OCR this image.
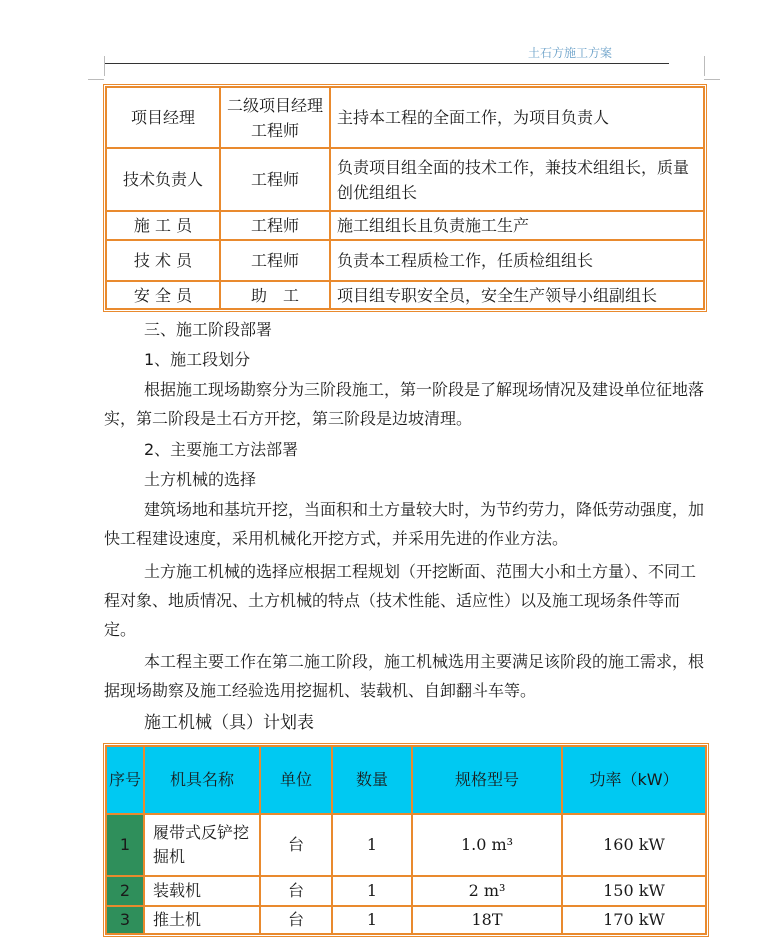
土石方施工方案
项目经理	二级项目经理工程师	主持本工程的全面工作，为项目负责人
技术负责人	工程师	负责项目组全面的技术工作，兼技术组组长，质量创优组组长
施 工 员	工程师	施工组组长且负责施工生产
技 术 员	工程师	负责本工程质检工作，任质检组组长
安 全 员	助　工	项目组专职安全员，安全生产领导小组副组长
三、施工阶段部署
1、施工段划分
根据施工现场勘察分为三阶段施工，第一阶段是了解现场情况及建设单位征地落实，第二阶段是土石方开挖，第三阶段是边坡清理。
2、主要施工方法部署
土方机械的选择
建筑场地和基坑开挖，当面积和土方量较大时，为节约劳力，降低劳动强度，加快工程建设速度，采用机械化开挖方式，并采用先进的作业方法。
土方施工机械的选择应根据工程规划（开挖断面、范围大小和土方量）、不同工程对象、地质情况、土方机械的特点（技术性能、适应性）以及施工现场条件等而定。
本工程主要工作在第二施工阶段，施工机械选用主要满足该阶段的施工需求，根据现场勘察及施工经验选用挖掘机、装载机、自卸翻斗车等。
施工机械（具）计划表
序号	机具名称	单位	数量	规格型号	功率（kW）
1	履带式反铲挖掘机	台	1	1.0 m³	160 kW
2	装载机	台	1	2 m³	150 kW
3	推土机	台	1	18T	170 kW
